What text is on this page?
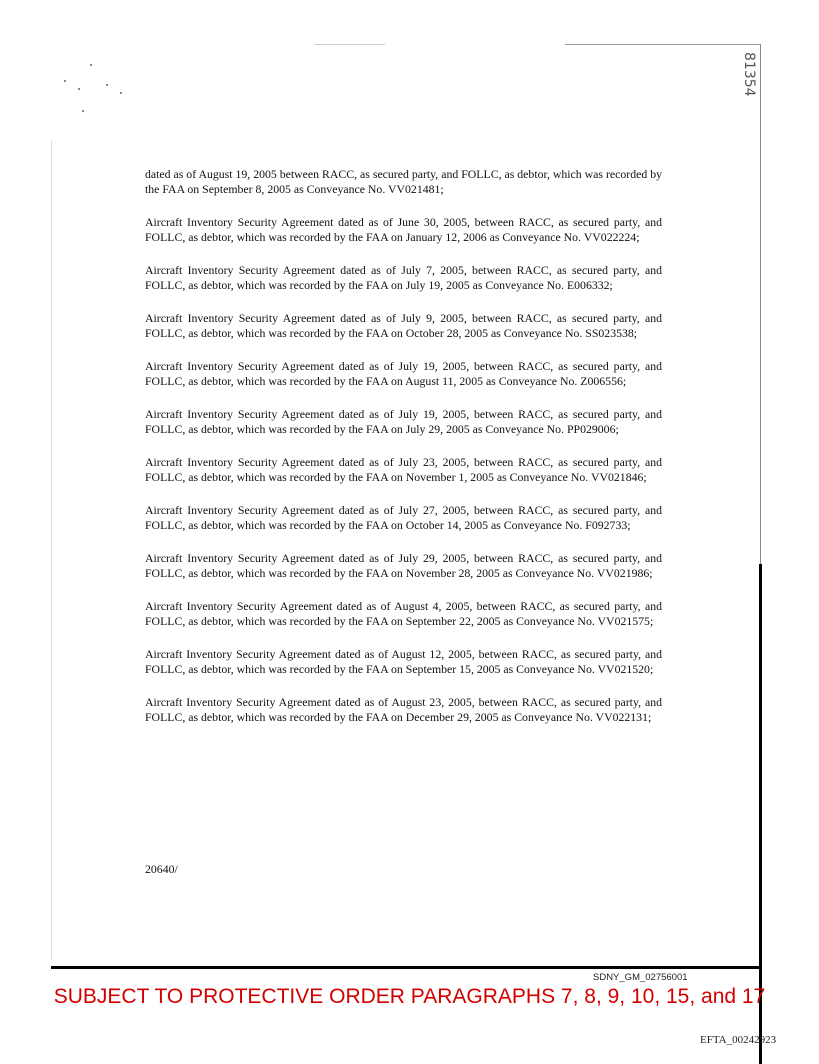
81354

dated as of August 19, 2005 between RACC, as secured party, and FOLLC, as debtor, which was recorded by the FAA on September 8, 2005 as Conveyance No. VV021481;

Aircraft Inventory Security Agreement dated as of June 30, 2005, between RACC, as secured party, and FOLLC, as debtor, which was recorded by the FAA on January 12, 2006 as Conveyance No. VV022224;

Aircraft Inventory Security Agreement dated as of July 7, 2005, between RACC, as secured party, and FOLLC, as debtor, which was recorded by the FAA on July 19, 2005 as Conveyance No. E006332;

Aircraft Inventory Security Agreement dated as of July 9, 2005, between RACC, as secured party, and FOLLC, as debtor, which was recorded by the FAA on October 28, 2005 as Conveyance No. SS023538;

Aircraft Inventory Security Agreement dated as of July 19, 2005, between RACC, as secured party, and FOLLC, as debtor, which was recorded by the FAA on August 11, 2005 as Conveyance No. Z006556;

Aircraft Inventory Security Agreement dated as of July 19, 2005, between RACC, as secured party, and FOLLC, as debtor, which was recorded by the FAA on July 29, 2005 as Conveyance No. PP029006;

Aircraft Inventory Security Agreement dated as of July 23, 2005, between RACC, as secured party, and FOLLC, as debtor, which was recorded by the FAA on November 1, 2005 as Conveyance No. VV021846;

Aircraft Inventory Security Agreement dated as of July 27, 2005, between RACC, as secured party, and FOLLC, as debtor, which was recorded by the FAA on October 14, 2005 as Conveyance No. F092733;

Aircraft Inventory Security Agreement dated as of July 29, 2005, between RACC, as secured party, and FOLLC, as debtor, which was recorded by the FAA on November 28, 2005 as Conveyance No. VV021986;

Aircraft Inventory Security Agreement dated as of August 4, 2005, between RACC, as secured party, and FOLLC, as debtor, which was recorded by the FAA on September 22, 2005 as Conveyance No. VV021575;

Aircraft Inventory Security Agreement dated as of August 12, 2005, between RACC, as secured party, and FOLLC, as debtor, which was recorded by the FAA on September 15, 2005 as Conveyance No. VV021520;

Aircraft Inventory Security Agreement dated as of August 23, 2005, between RACC, as secured party, and FOLLC, as debtor, which was recorded by the FAA on December 29, 2005 as Conveyance No. VV022131;

20640/
SDNY_GM_02756001
SUBJECT TO PROTECTIVE ORDER PARAGRAPHS 7, 8, 9, 10, 15, and 17
EFTA_00242923
